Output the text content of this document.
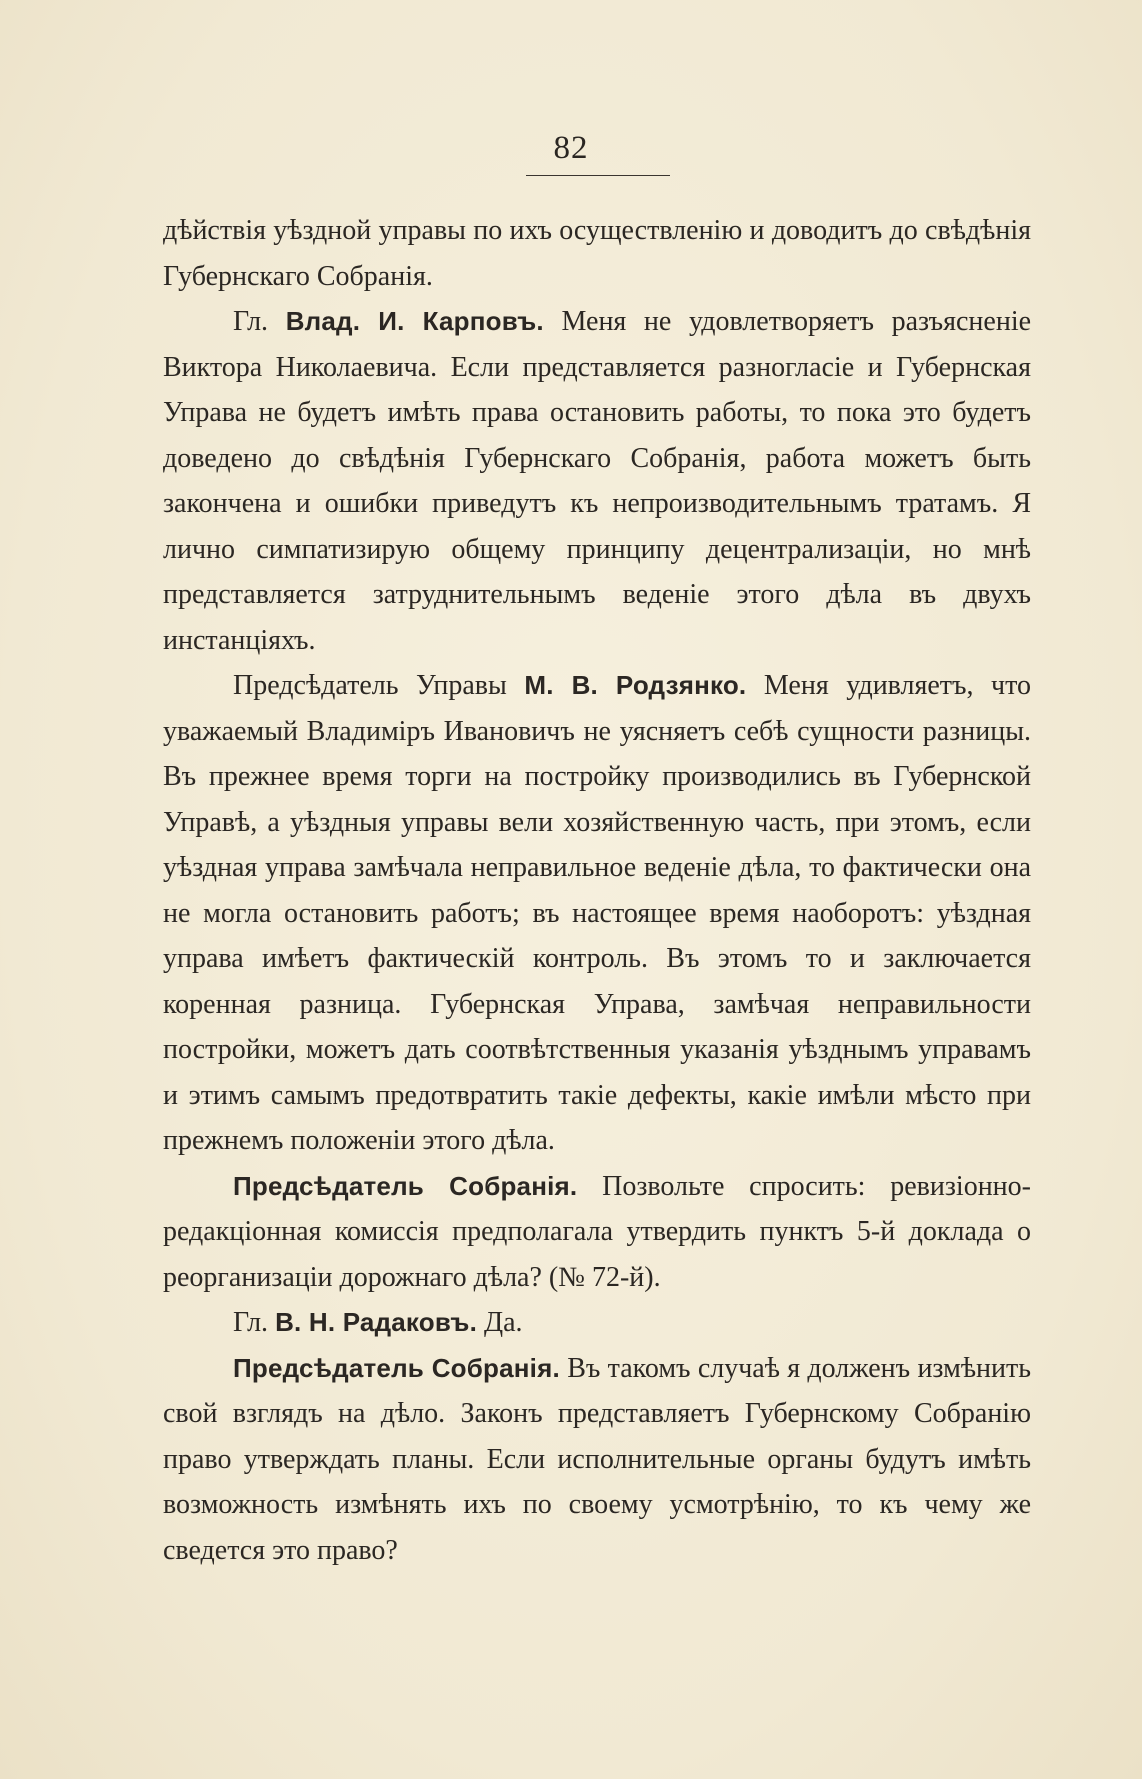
82

дѣйствія уѣздной управы по ихъ осуществленію и доводитъ до свѣдѣнія Губернскаго Собранія.

Гл. Влад. И. Карповъ. Меня не удовлетворяетъ разъясненіе Виктора Николаевича. Если представляется разногласіе и Губернская Управа не будетъ имѣть права остановить работы, то пока это будетъ доведено до свѣдѣнія Губернскаго Собранія, работа можетъ быть закончена и ошибки приведутъ къ непроизводительнымъ тратамъ. Я лично симпатизирую общему принципу децентрализаціи, но мнѣ представляется затруднительнымъ веденіе этого дѣла въ двухъ инстанціяхъ.

Предсѣдатель Управы М. В. Родзянко. Меня удивляетъ, что уважаемый Владиміръ Ивановичъ не уясняетъ себѣ сущности разницы. Въ прежнее время торги на постройку производились въ Губернской Управѣ, а уѣздныя управы вели хозяйственную часть, при этомъ, если уѣздная управа замѣчала неправильное веденіе дѣла, то фактически она не могла остановить работъ; въ настоящее время наоборотъ: уѣздная управа имѣетъ фактическій контроль. Въ этомъ то и заключается коренная разница. Губернская Управа, замѣчая неправильности постройки, можетъ дать соотвѣтственныя указанія уѣзднымъ управамъ и этимъ самымъ предотвратить такіе дефекты, какіе имѣли мѣсто при прежнемъ положеніи этого дѣла.

Предсѣдатель Собранія. Позвольте спросить: ревизіонно-редакціонная комиссія предполагала утвердить пунктъ 5-й доклада о реорганизаціи дорожнаго дѣла? (№ 72-й).

Гл. В. Н. Радаковъ. Да.

Предсѣдатель Собранія. Въ такомъ случаѣ я долженъ измѣнить свой взглядъ на дѣло. Законъ представляетъ Губернскому Собранію право утверждать планы. Если исполнительные органы будутъ имѣть возможность измѣнять ихъ по своему усмотрѣнію, то къ чему же сведется это право?
